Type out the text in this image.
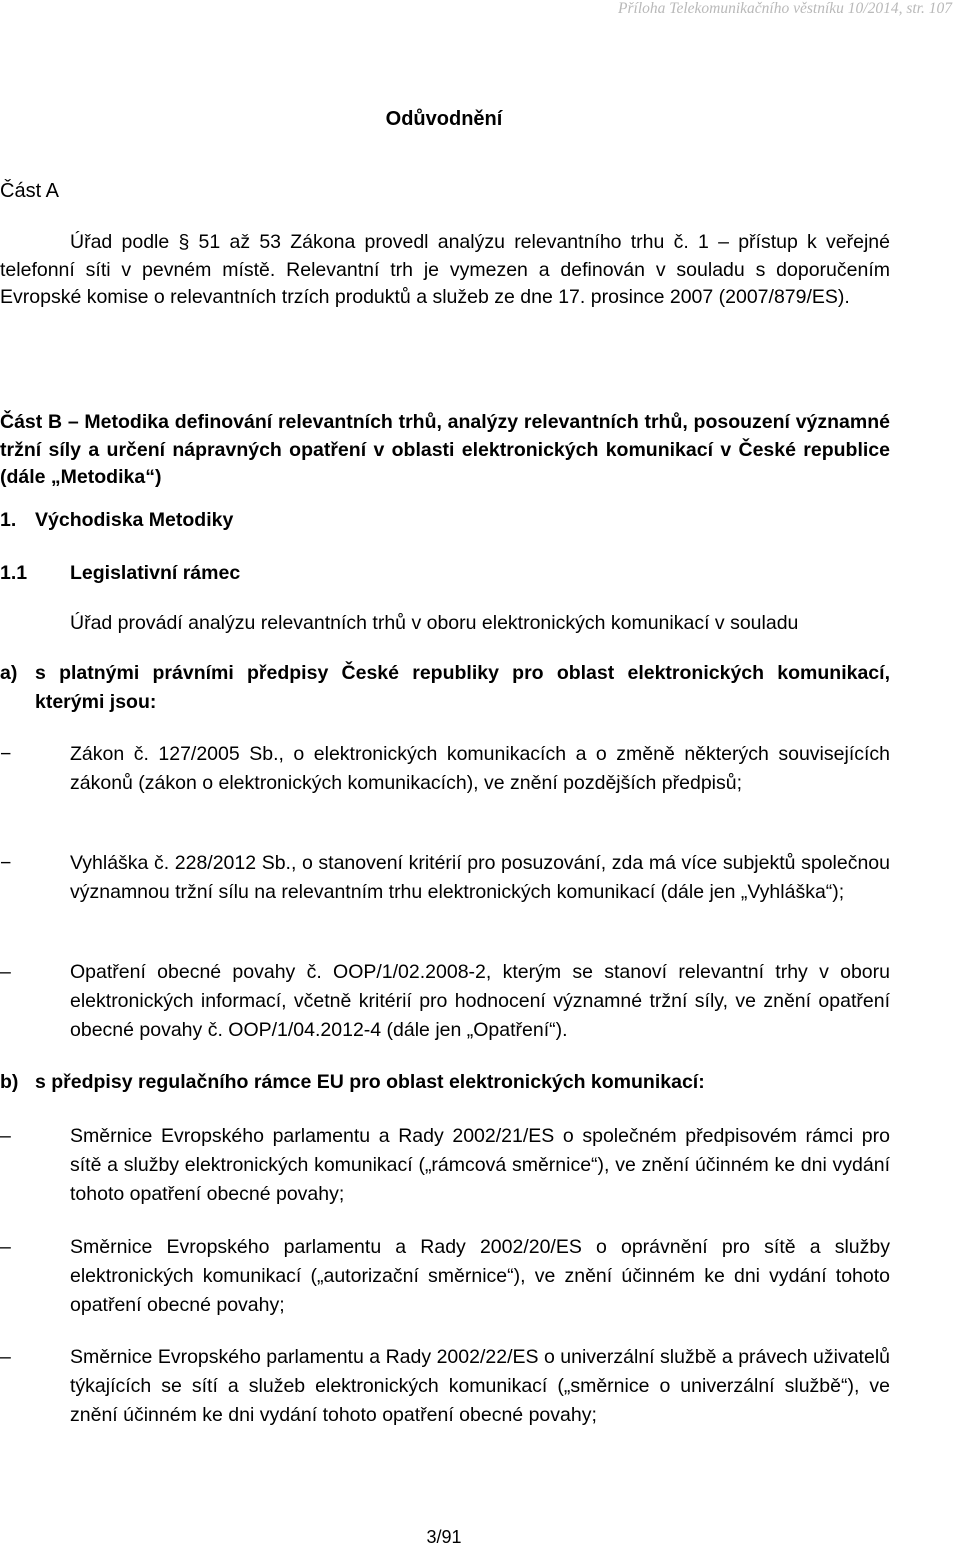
Příloha Telekomunikačního věstníku 10/2014, str. 107
Odůvodnění
Část A

Úřad podle § 51 až 53 Zákona provedl analýzu relevantního trhu č. 1 – přístup k veřejné telefonní síti v pevném místě. Relevantní trh je vymezen a definován v souladu s doporučením Evropské komise o relevantních trzích produktů a služeb ze dne 17. prosince 2007 (2007/879/ES).

Část B – Metodika definování relevantních trhů, analýzy relevantních trhů, posouzení významné tržní síly a určení nápravných opatření v oblasti elektronických komunikací v České republice (dále „Metodika“)
1. Východiska Metodiky
1.1 Legislativní rámec
Úřad provádí analýzu relevantních trhů v oboru elektronických komunikací v souladu
a) s platnými právními předpisy České republiky pro oblast elektronických komunikací, kterými jsou:
−	Zákon č. 127/2005 Sb., o elektronických komunikacích a o změně některých souvisejících zákonů (zákon o elektronických komunikacích), ve znění pozdějších předpisů;
−	Vyhláška č. 228/2012 Sb., o stanovení kritérií pro posuzování, zda má více subjektů společnou významnou tržní sílu na relevantním trhu elektronických komunikací (dále jen „Vyhláška“);
–	Opatření obecné povahy č. OOP/1/02.2008-2, kterým se stanoví relevantní trhy v oboru elektronických informací, včetně kritérií pro hodnocení významné tržní síly, ve znění opatření obecné povahy č. OOP/1/04.2012-4 (dále jen „Opatření“).
b) s předpisy regulačního rámce EU pro oblast elektronických komunikací:
–	Směrnice Evropského parlamentu a Rady 2002/21/ES o společném předpisovém rámci pro sítě a služby elektronických komunikací („rámcová směrnice“), ve znění účinném ke dni vydání tohoto opatření obecné povahy;
–	Směrnice Evropského parlamentu a Rady 2002/20/ES o oprávnění pro sítě a služby elektronických komunikací („autorizační směrnice“), ve znění účinném ke dni vydání tohoto opatření obecné povahy;
–	Směrnice Evropského parlamentu a Rady 2002/22/ES o univerzální službě a právech uživatelů týkajících se sítí a služeb elektronických komunikací („směrnice o univerzální službě“), ve znění účinném ke dni vydání tohoto opatření obecné povahy;
3/91
